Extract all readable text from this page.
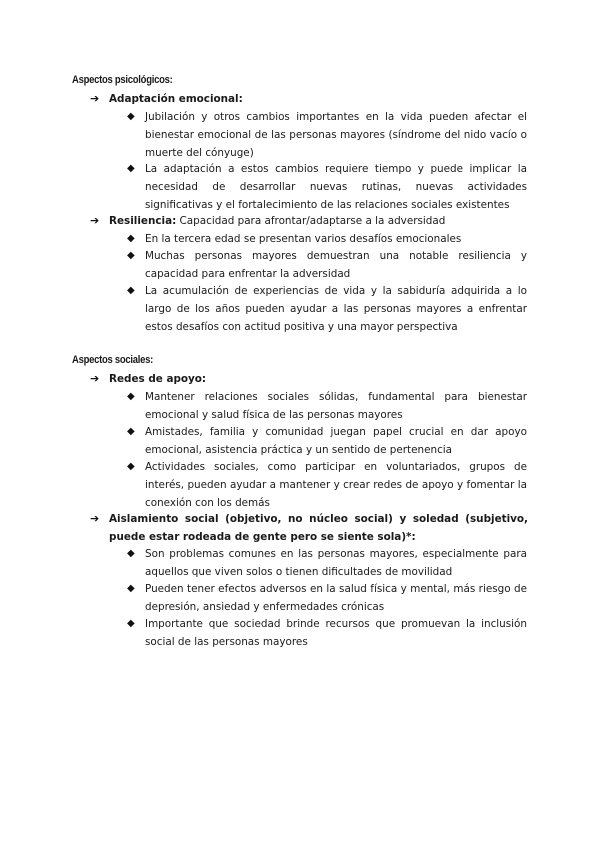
Aspectos psicológicos:
➔ Adaptación emocional:
◆ Jubilación y otros cambios importantes en la vida pueden afectar el bienestar emocional de las personas mayores (síndrome del nido vacío o muerte del cónyuge)
◆ La adaptación a estos cambios requiere tiempo y puede implicar la necesidad de desarrollar nuevas rutinas, nuevas actividades significativas y el fortalecimiento de las relaciones sociales existentes
➔ Resiliencia: Capacidad para afrontar/adaptarse a la adversidad
◆ En la tercera edad se presentan varios desafíos emocionales
◆ Muchas personas mayores demuestran una notable resiliencia y capacidad para enfrentar la adversidad
◆ La acumulación de experiencias de vida y la sabiduría adquirida a lo largo de los años pueden ayudar a las personas mayores a enfrentar estos desafíos con actitud positiva y una mayor perspectiva
Aspectos sociales:
➔ Redes de apoyo:
◆ Mantener relaciones sociales sólidas, fundamental para bienestar emocional y salud física de las personas mayores
◆ Amistades, familia y comunidad juegan papel crucial en dar apoyo emocional, asistencia práctica y un sentido de pertenencia
◆ Actividades sociales, como participar en voluntariados, grupos de interés, pueden ayudar a mantener y crear redes de apoyo y fomentar la conexión con los demás
➔ Aislamiento social (objetivo, no núcleo social) y soledad (subjetivo, puede estar rodeada de gente pero se siente sola)*:
◆ Son problemas comunes en las personas mayores, especialmente para aquellos que viven solos o tienen dificultades de movilidad
◆ Pueden tener efectos adversos en la salud física y mental, más riesgo de depresión, ansiedad y enfermedades crónicas
◆ Importante que sociedad brinde recursos que promuevan la inclusión social de las personas mayores
